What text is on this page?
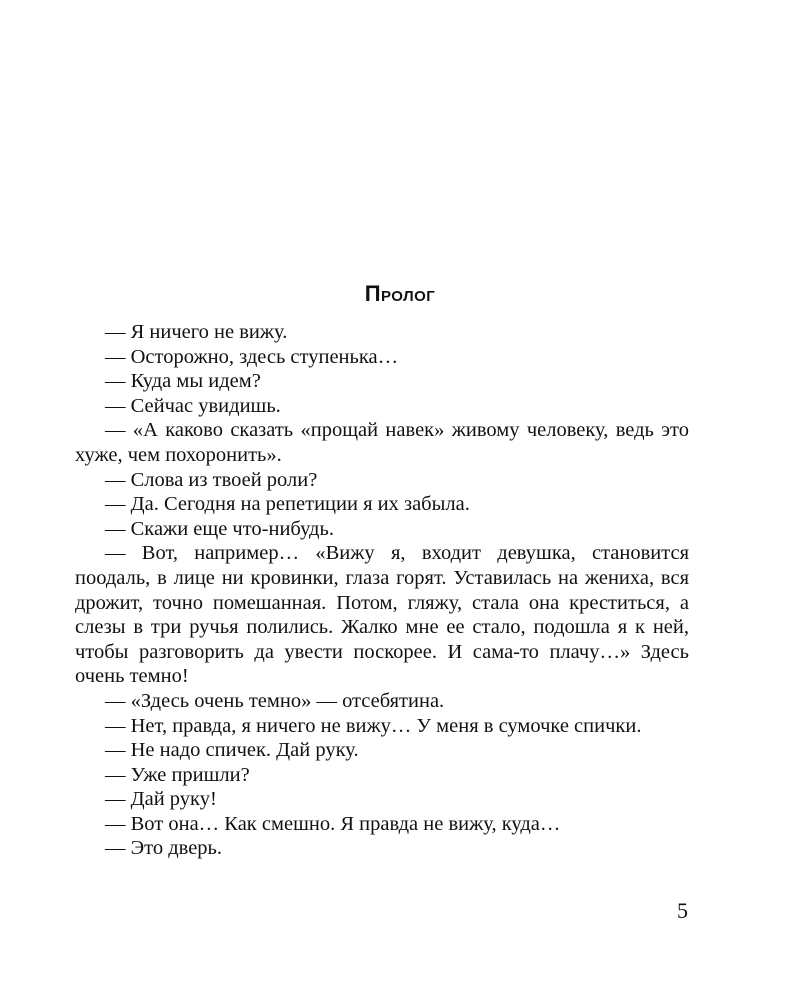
Пролог

— Я ничего не вижу.

— Осторожно, здесь ступенька…

— Куда мы идем?

— Сейчас увидишь.

— «А каково сказать «прощай навек» живому человеку, ведь это хуже, чем похоронить».

— Слова из твоей роли?

— Да. Сегодня на репетиции я их забыла.

— Скажи еще что-нибудь.

— Вот, например… «Вижу я, входит девушка, становится поодаль, в лице ни кровинки, глаза горят. Уставилась на жениха, вся дрожит, точно помешанная. Потом, гляжу, стала она креститься, а слезы в три ручья полились. Жалко мне ее стало, подошла я к ней, чтобы разговорить да увести поскорее. И сама-то плачу…» Здесь очень темно!

— «Здесь очень темно» — отсебятина.

— Нет, правда, я ничего не вижу… У меня в сумочке спички.

— Не надо спичек. Дай руку.

— Уже пришли?

— Дай руку!

— Вот она… Как смешно. Я правда не вижу, куда…

— Это дверь.

5
